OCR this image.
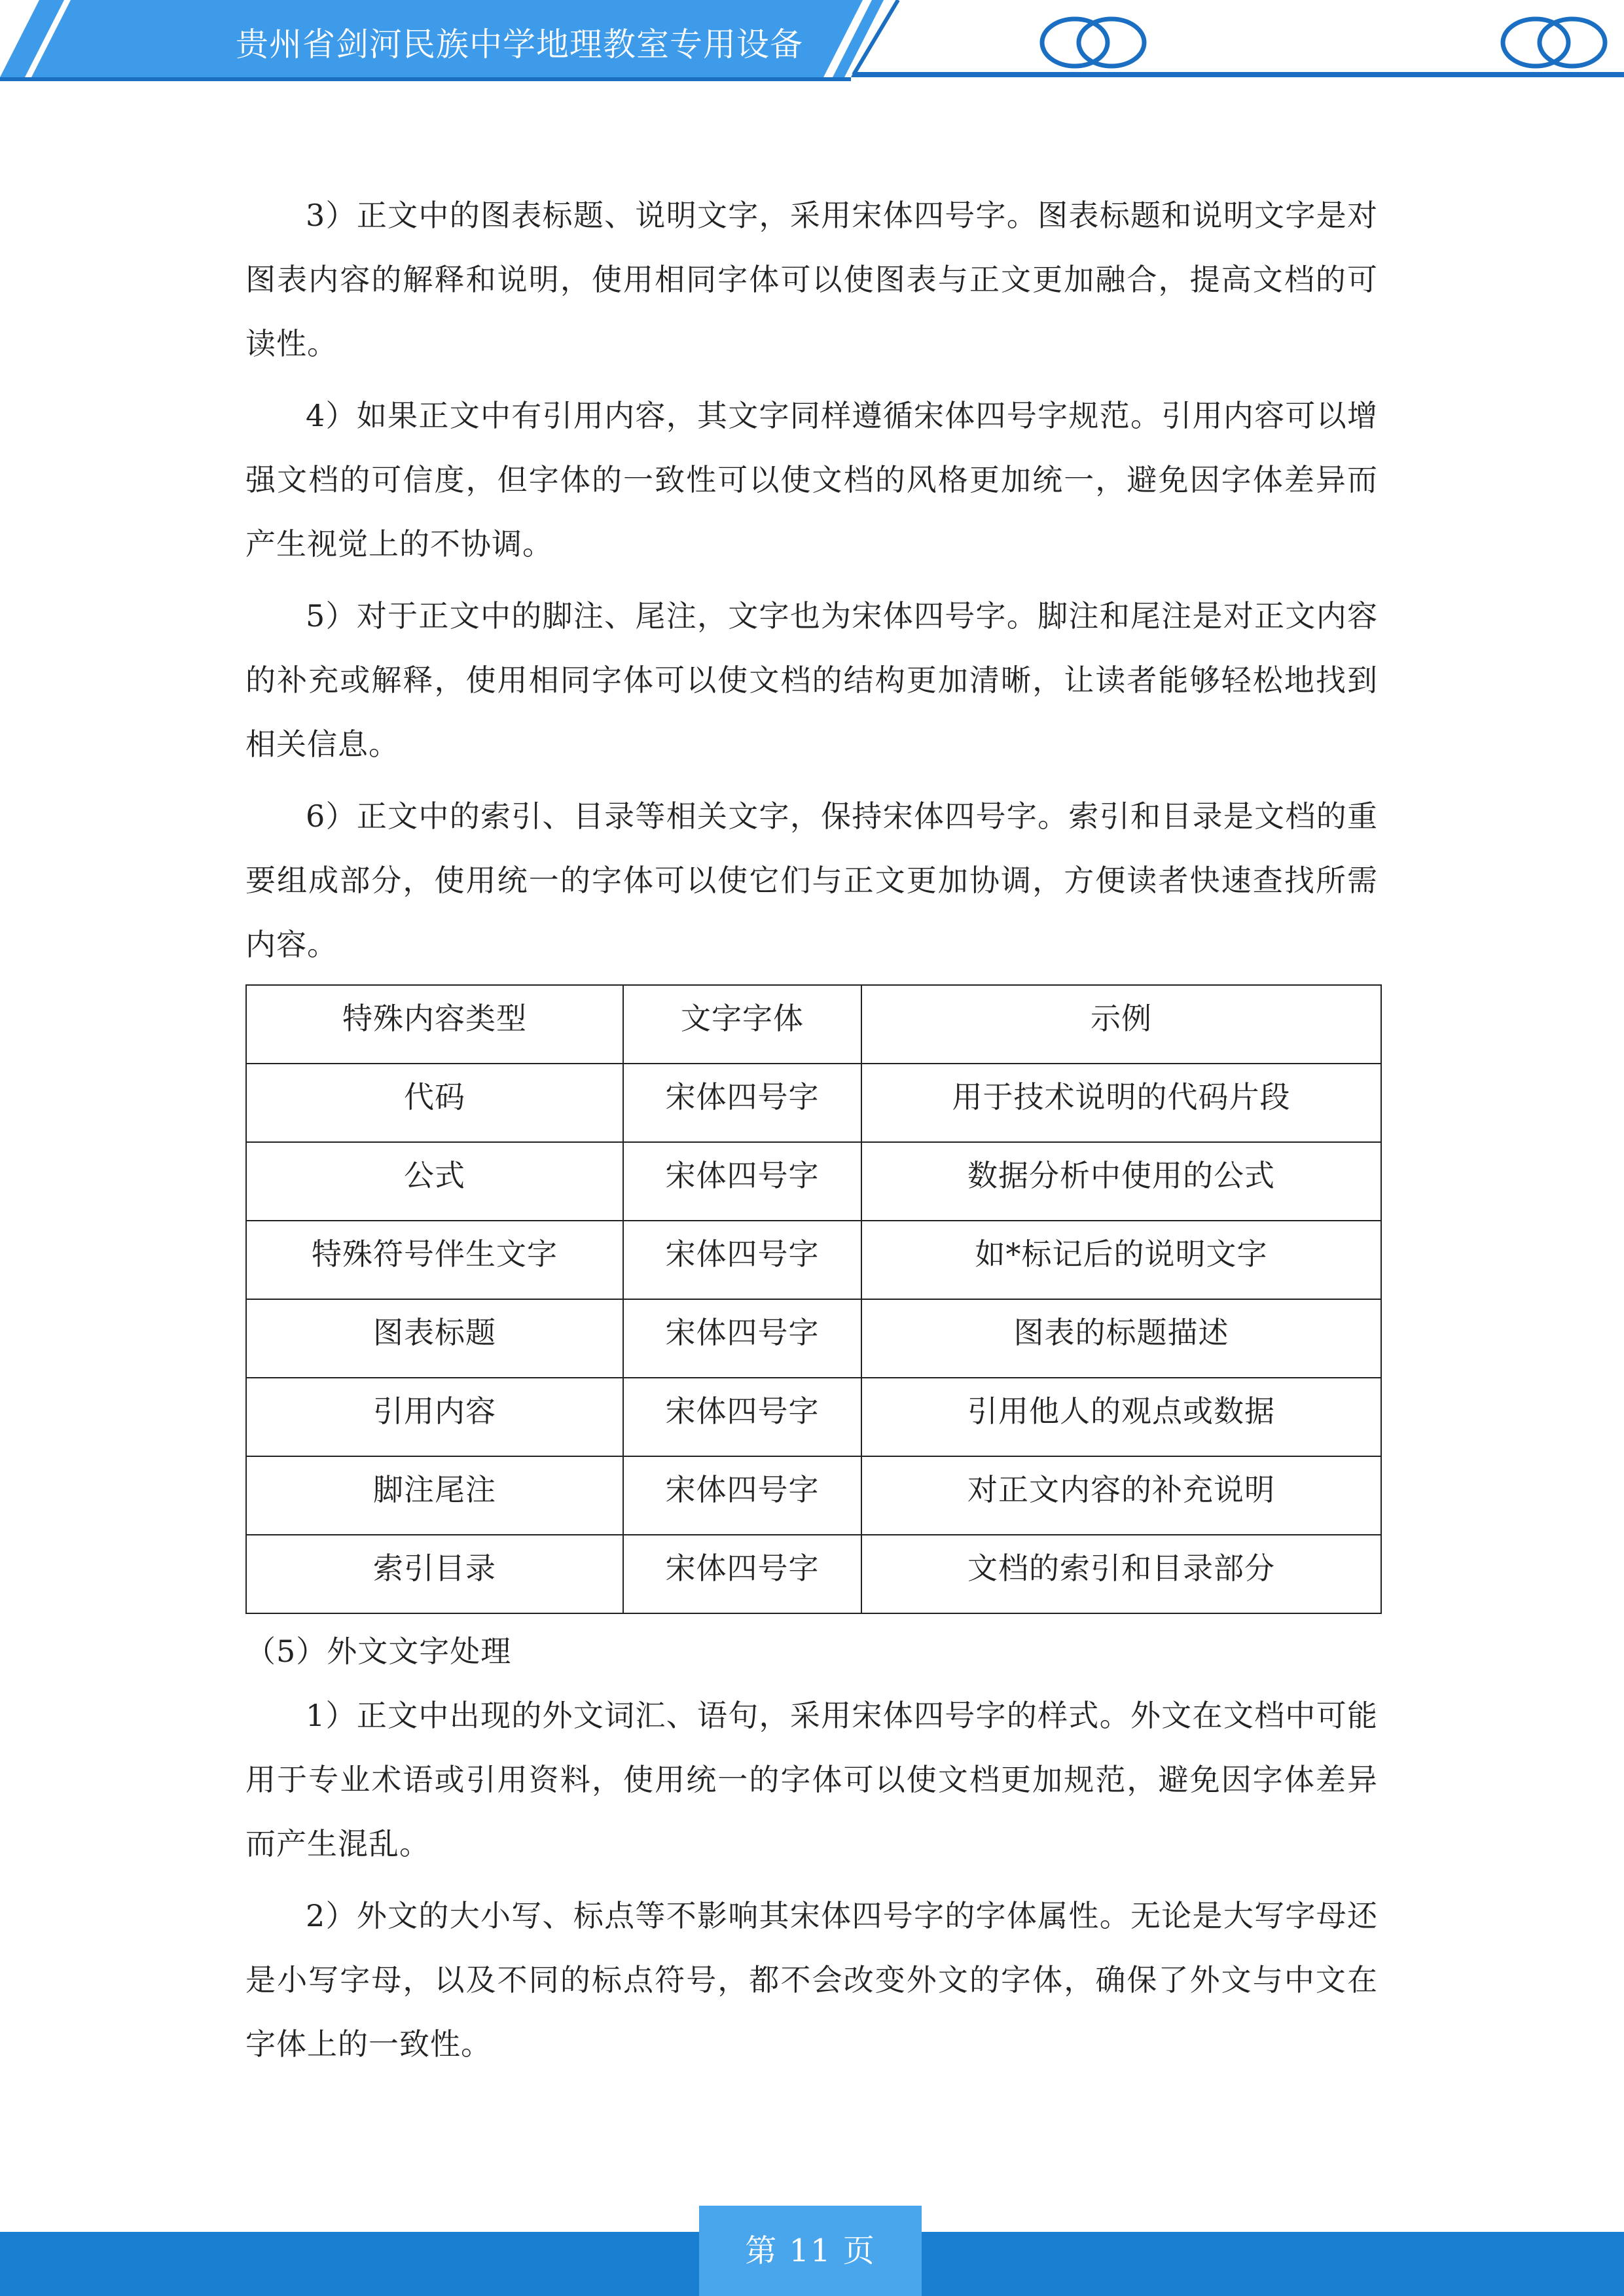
贵州省剑河民族中学地理教室专用设备

3）正文中的图表标题、说明文字，采用宋体四号字。图表标题和说明文字是对图表内容的解释和说明，使用相同字体可以使图表与正文更加融合，提高文档的可读性。

4）如果正文中有引用内容，其文字同样遵循宋体四号字规范。引用内容可以增强文档的可信度，但字体的一致性可以使文档的风格更加统一，避免因字体差异而产生视觉上的不协调。

5）对于正文中的脚注、尾注，文字也为宋体四号字。脚注和尾注是对正文内容的补充或解释，使用相同字体可以使文档的结构更加清晰，让读者能够轻松地找到相关信息。

6）正文中的索引、目录等相关文字，保持宋体四号字。索引和目录是文档的重要组成部分，使用统一的字体可以使它们与正文更加协调，方便读者快速查找所需内容。

特殊内容类型	文字字体	示例
代码	宋体四号字	用于技术说明的代码片段
公式	宋体四号字	数据分析中使用的公式
特殊符号伴生文字	宋体四号字	如*标记后的说明文字
图表标题	宋体四号字	图表的标题描述
引用内容	宋体四号字	引用他人的观点或数据
脚注尾注	宋体四号字	对正文内容的补充说明
索引目录	宋体四号字	文档的索引和目录部分

（5）外文文字处理

1）正文中出现的外文词汇、语句，采用宋体四号字的样式。外文在文档中可能用于专业术语或引用资料，使用统一的字体可以使文档更加规范，避免因字体差异而产生混乱。

2）外文的大小写、标点等不影响其宋体四号字的字体属性。无论是大写字母还是小写字母，以及不同的标点符号，都不会改变外文的字体，确保了外文与中文在字体上的一致性。

第 11 页
